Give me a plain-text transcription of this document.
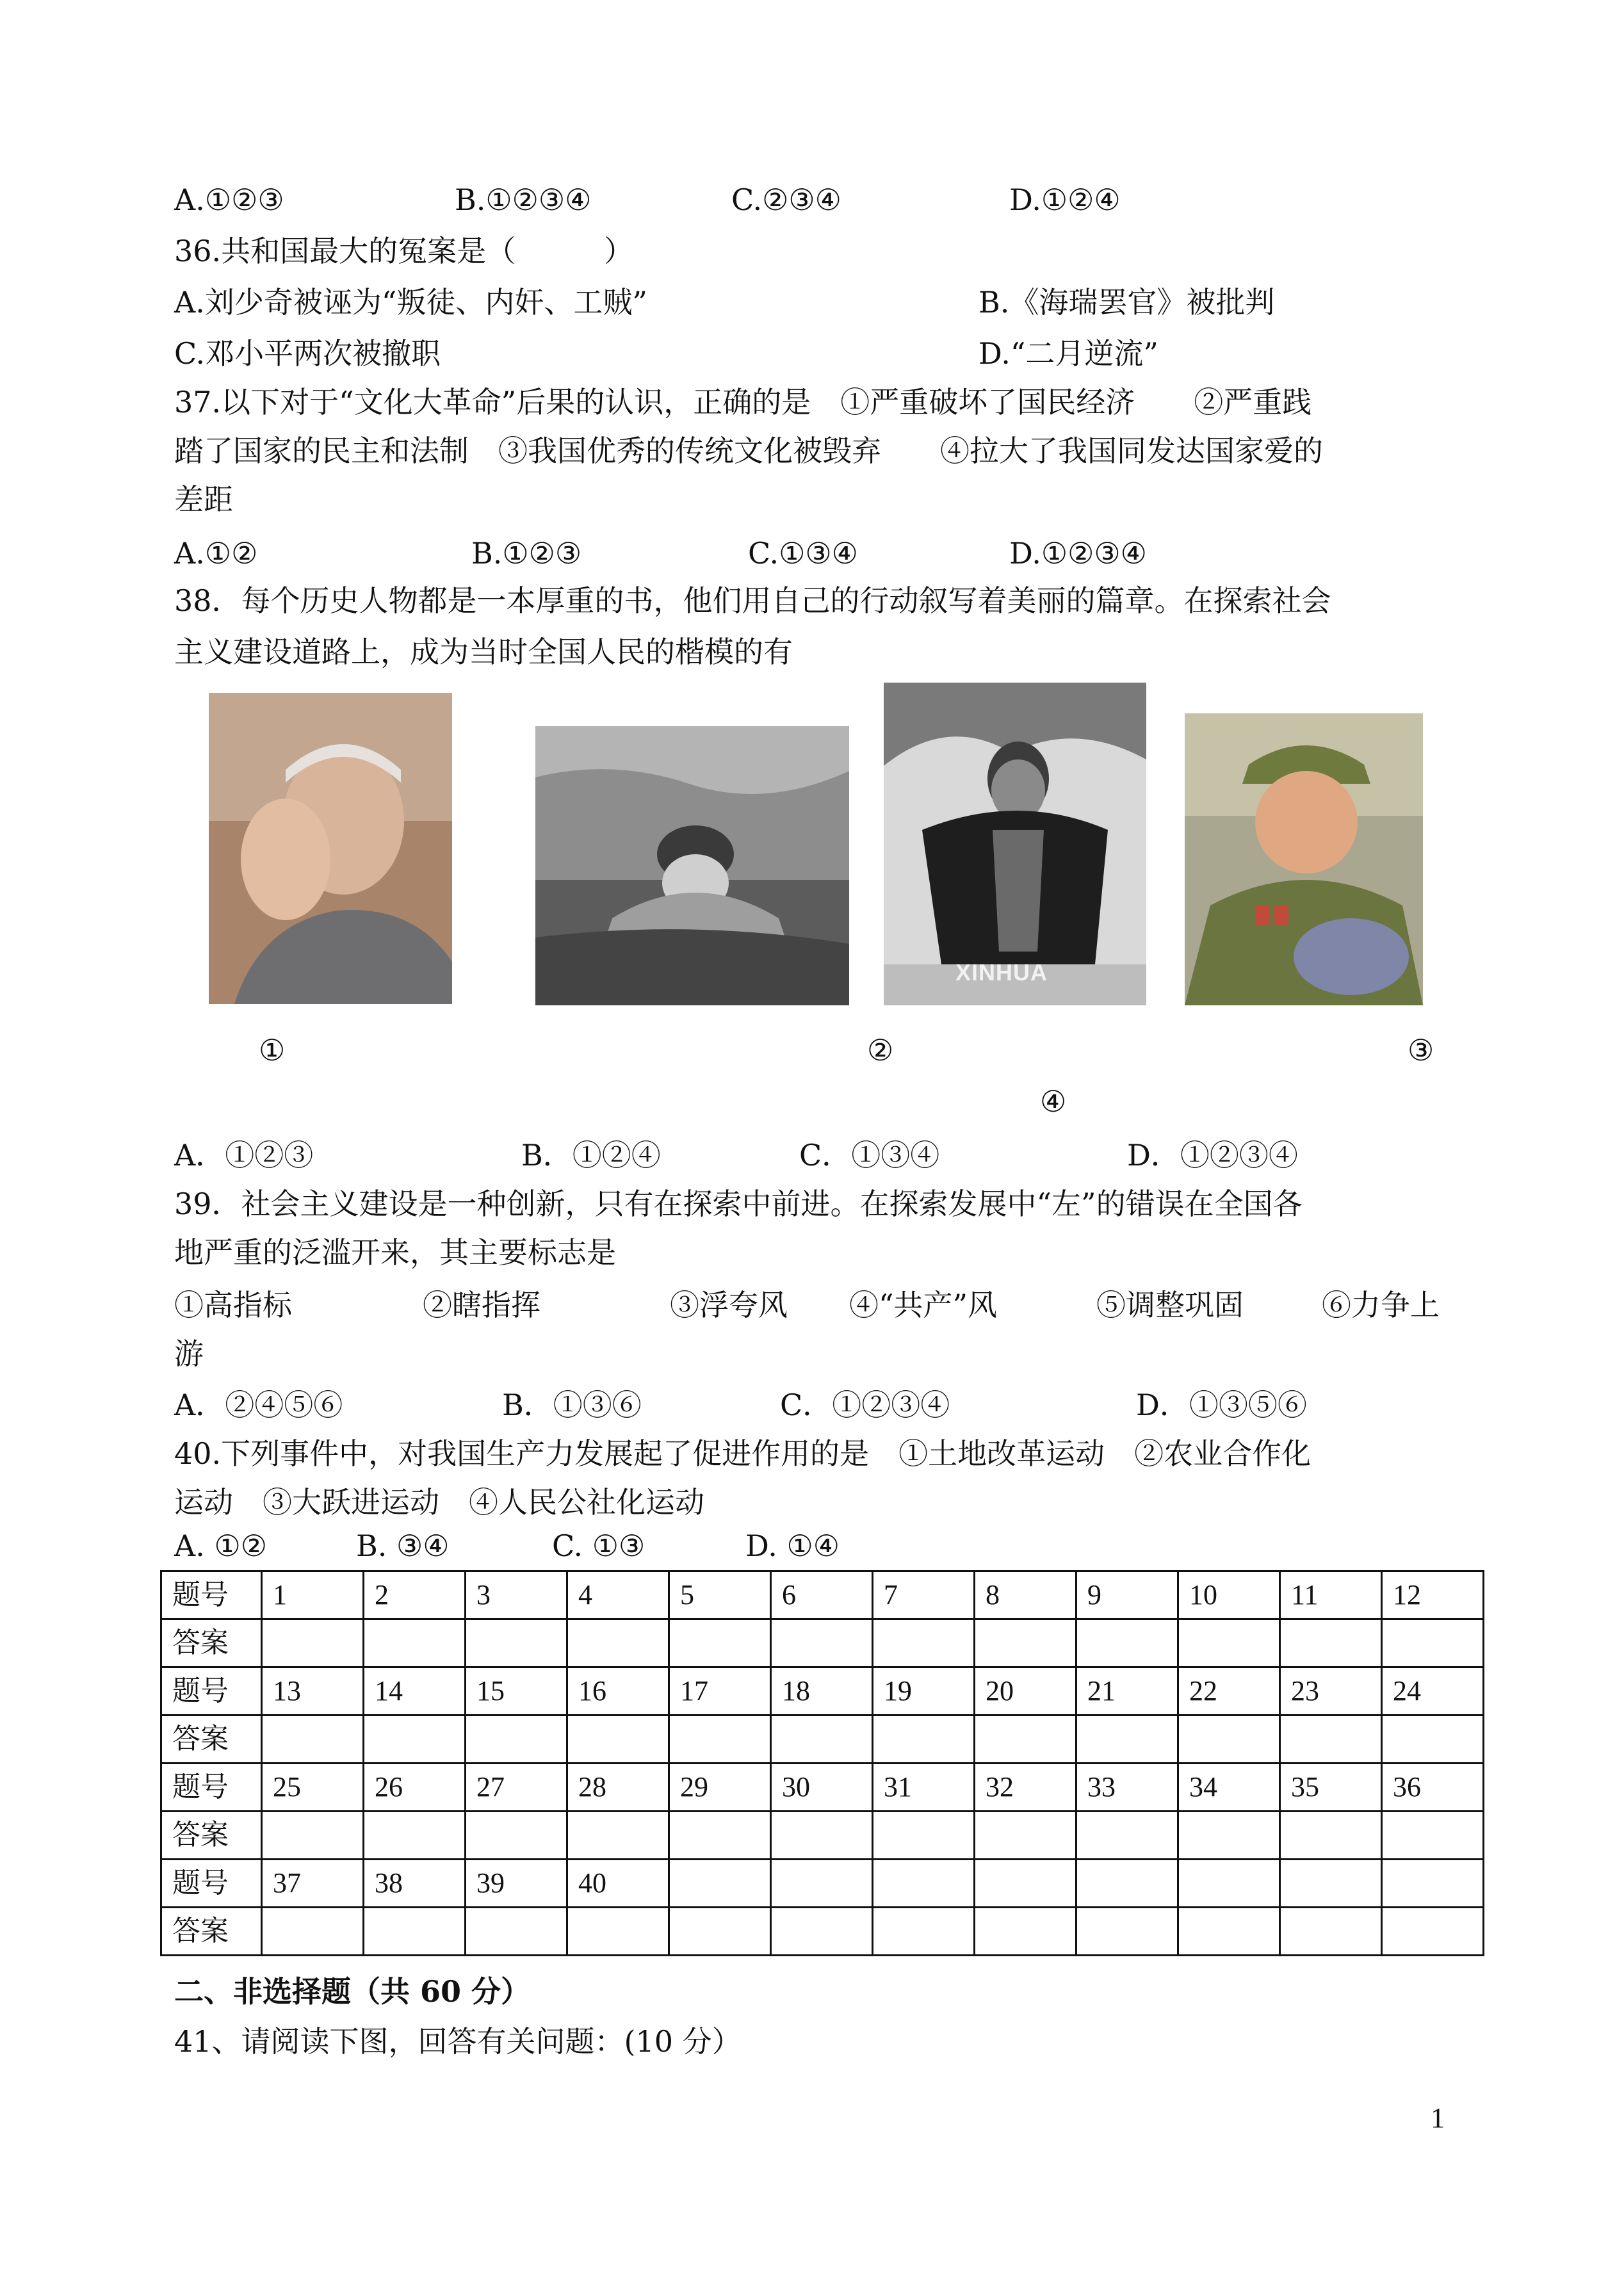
A.①②③	B.①②③④	C.②③④	D.①②④
36.共和国最大的冤案是（　　　）
A.刘少奇被诬为“叛徒、内奸、工贼”	B.《海瑞罢官》被批判
C.邓小平两次被撤职	D.“二月逆流”
37.以下对于“文化大革命”后果的认识，正确的是　①严重破坏了国民经济　　②严重践
踏了国家的民主和法制　③我国优秀的传统文化被毁弃　　④拉大了我国同发达国家爱的
差距
A.①②	B.①②③	C.①③④	D.①②③④
38．每个历史人物都是一本厚重的书，他们用自己的行动叙写着美丽的篇章。在探索社会
主义建设道路上，成为当时全国人民的楷模的有
XINHUA
①	②	③
④
A．①②③	B．①②④	C．①③④	D．①②③④
39．社会主义建设是一种创新，只有在探索中前进。在探索发展中“左”的错误在全国各
地严重的泛滥开来，其主要标志是
①高指标	②瞎指挥	③浮夸风 ④“共产”风	⑤调整巩固	⑥力争上
游
A．②④⑤⑥	B．①③⑥	C．①②③④	D．①③⑤⑥
40.下列事件中，对我国生产力发展起了促进作用的是　①土地改革运动　②农业合作化
运动　③大跃进运动　④人民公社化运动
A. ①②	B. ③④	C. ①③	D. ①④
题号	1	2	3	4	5	6	7	8	9	10	11	12
答案												
题号	13	14	15	16	17	18	19	20	21	22	23	24
答案												
题号	25	26	27	28	29	30	31	32	33	34	35	36
答案												
题号	37	38	39	40								
答案												
二、非选择题（共 60 分）
41、请阅读下图，回答有关问题：(10 分）
1
